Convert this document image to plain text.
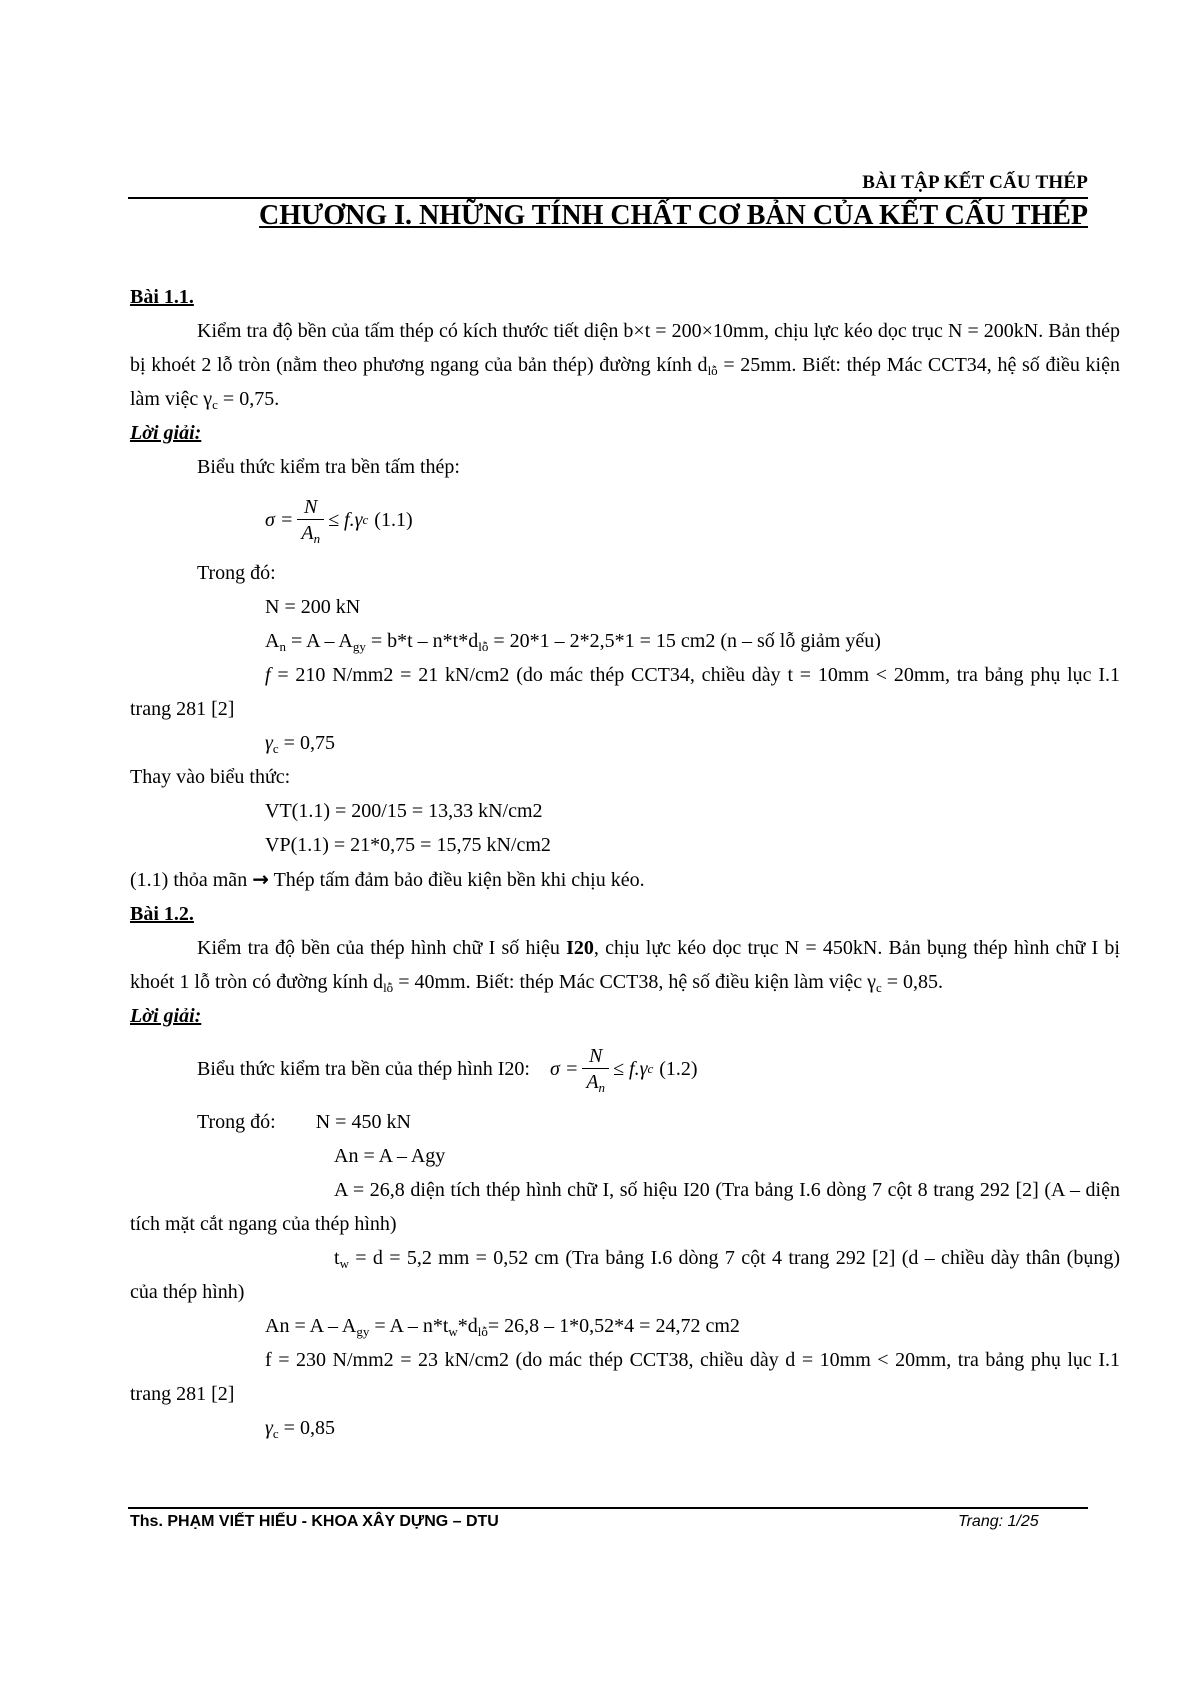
BÀI TẬP KẾT CẤU THÉP
CHƯƠNG I. NHỮNG TÍNH CHẤT CƠ BẢN CỦA KẾT CẤU THÉP

Bài 1.1.

Kiểm tra độ bền của tấm thép có kích thước tiết diện b×t = 200×10mm, chịu lực kéo dọc trục N = 200kN. Bản thép bị khoét 2 lỗ tròn (nằm theo phương ngang của bản thép) đường kính $d_{lỗ} = 25mm$. Biết: thép Mác CCT34, hệ số điều kiện làm việc $\gamma_c = 0,75$.

Lời giải:

Biểu thức kiểm tra bền tấm thép:

$\sigma = \frac{N}{A_n} \le f.\gamma$ c (1.1)

Trong đó:

N = 200 kN

$A_n = A - A_{gy} = b*t - n*t*d_{lỗ} = 20*1 - 2*2,5*1 = 15$ cm2 (n – số lỗ giảm yếu)

f = 210 N/mm2 = 21 kN/cm2 (do mác thép CCT34, chiều dày t = 10mm < 20mm, tra bảng phụ lục I.1 trang 281 [2]

$\gamma_c = 0,75$

Thay vào biểu thức:

VT(1.1) = 200/15 = 13,33 kN/cm2

VP(1.1) = 21*0,75 = 15,75 kN/cm2

(1.1) thỏa mãn → Thép tấm đảm bảo điều kiện bền khi chịu kéo.

Bài 1.2.

Kiểm tra độ bền của thép hình chữ I số hiệu I20, chịu lực kéo dọc trục N = 450kN. Bản bụng thép hình chữ I bị khoét 1 lỗ tròn có đường kính $d_{lỗ} = 40mm$. Biết: thép Mác CCT38, hệ số điều kiện làm việc $\gamma_c = 0,85$.

Lời giải:

Biểu thức kiểm tra bền của thép hình I20: $\sigma = \frac{N}{A_n} \le f.\gamma$ c (1.2)

Trong đó: N = 450 kN

An = A – Agy

A = 26,8 diện tích thép hình chữ I, số hiệu I20 (Tra bảng I.6 dòng 7 cột 8 trang 292 [2] (A – diện tích mặt cắt ngang của thép hình)

$t_w = d = 5,2$ mm = 0,52 cm (Tra bảng I.6 dòng 7 cột 4 trang 292 [2] (d – chiều dày thân (bụng) của thép hình)

$An = A - A_{gy} = A - n*t_w*d_{lỗ}= 26,8 - 1*0,52*4 = 24,72$ cm2

f = 230 N/mm2 = 23 kN/cm2 (do mác thép CCT38, chiều dày d = 10mm < 20mm, tra bảng phụ lục I.1 trang 281 [2]

$\gamma_c = 0,85$

Ths. PHẠM VIẾT HIẾU - KHOA XÂY DỰNG – DTU	Trang: 1/25
